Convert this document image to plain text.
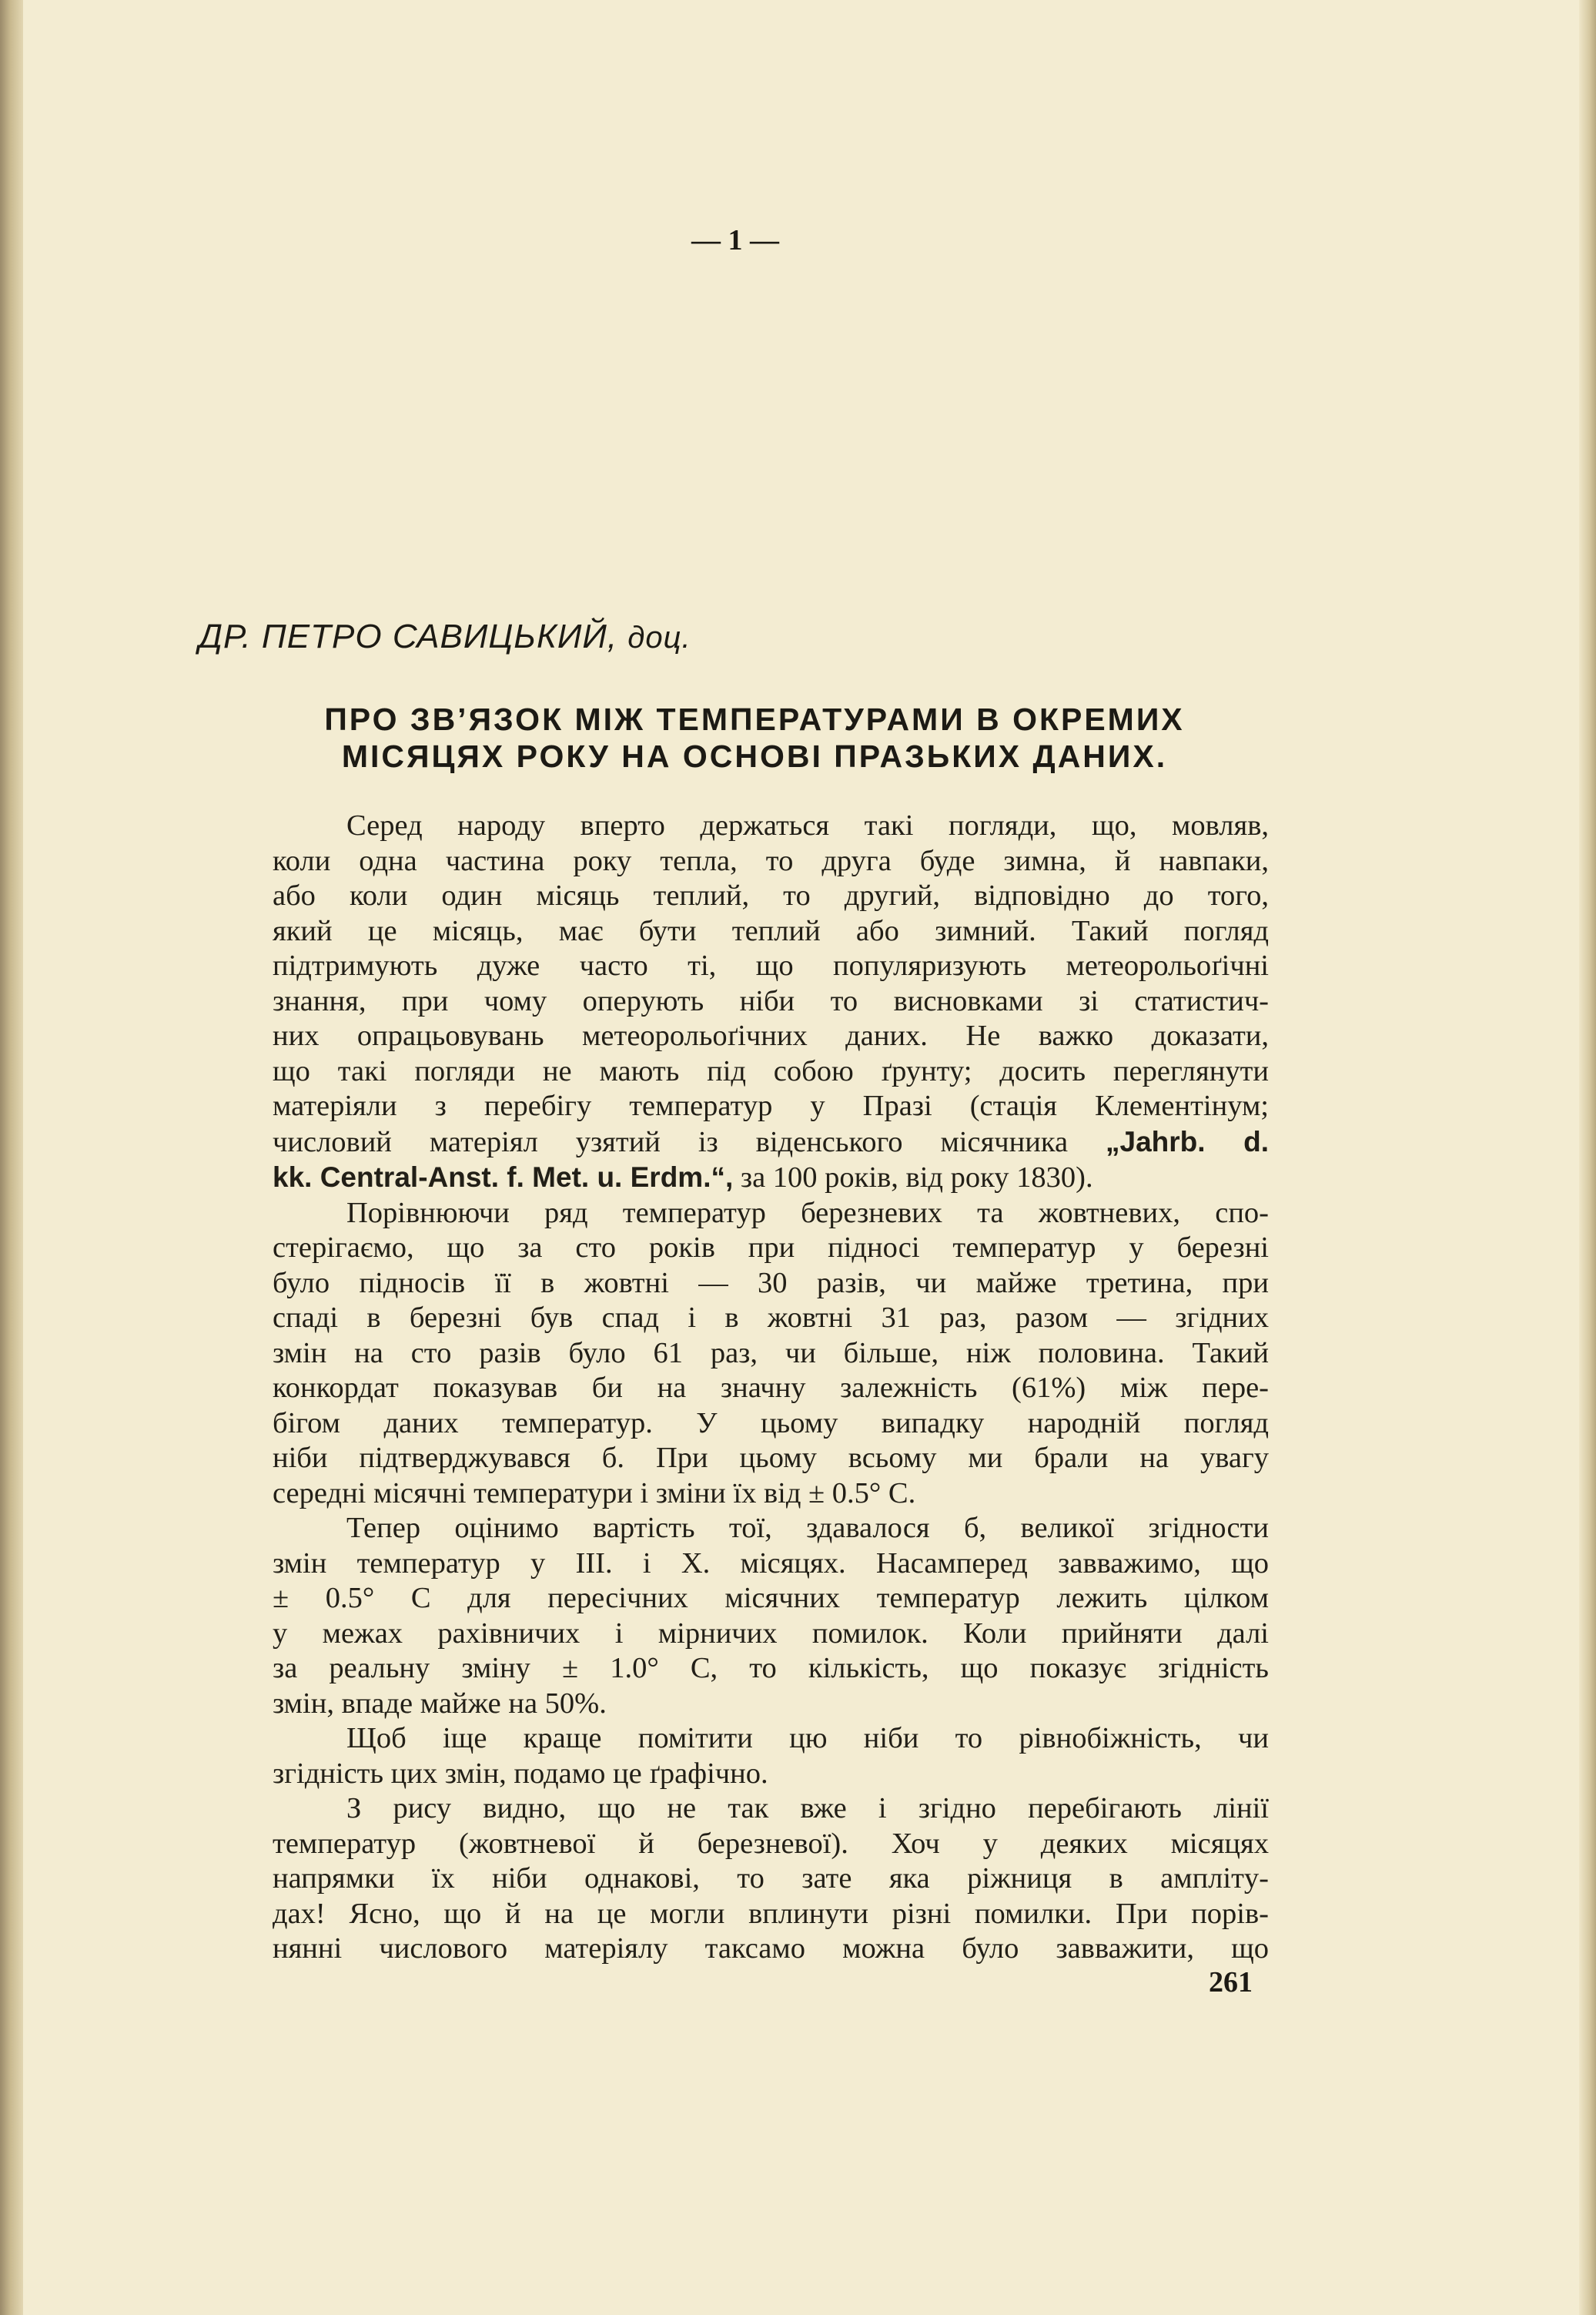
— 1 —
ДР. ПЕТРО САВИЦЬКИЙ, доц.
ПРО ЗВ’ЯЗОК МІЖ ТЕМПЕРАТУРАМИ В ОКРЕМИХ
МІСЯЦЯХ РОКУ НА ОСНОВІ ПРАЗЬКИХ ДАНИХ.

Серед народу вперто держаться такі погляди, що, мовляв,
коли одна частина року тепла, то друга буде зимна, й навпаки,
або коли один місяць теплий, то другий, відповідно до того,
який це місяць, має бути теплий або зимний. Такий погляд
підтримують дуже часто ті, що популяризують метеорольоґічні
знання, при чому оперують ніби то висновками зі статистич-
них опрацьовувань метеорольоґічних даних. Не важко доказати,
що такі погляди не мають під собою ґрунту; досить переглянути
матеріяли з перебігу температур у Празі (стація Клементінум;
числовий матерiял узятий із віденського місячника „Jahrb. d.
kk. Central-Anst. f. Met. u. Erdm.“, за 100 років, від року 1830).

Порівнюючи ряд температур березневих та жовтневих, спо-
стерігаємо, що за сто років при підносі температур у березні
було підносів її в жовтні — 30 разів, чи майже третина, при
спаді в березні був спад і в жовтні 31 раз, разом — згідних
змін на сто разів було 61 раз, чи більше, ніж половина. Такий
конкордат показував би на значну залежність (61%) між пере-
бігом даних температур. У цьому випадку народній погляд
ніби підтверджувався б. При цьому всьому ми брали на увагу
середні місячні температури і зміни їх від ± 0.5° С.

Тепер оцінимо вартість тої, здавалося б, великої згідности
змін температур у ІІІ. і Х. місяцях. Насамперед завважимо, що
± 0.5° С для пересічних місячних температур лежить цілком
у межах рахівничих і мірничих помилок. Коли прийняти далі
за реальну зміну ± 1.0° С, то кількість, що показує згідність
змін, впаде майже на 50%.

Щоб іще краще помітити цю ніби то рівнобіжність, чи
згідність цих змін, подамо це ґрафічно.

З рису видно, що не так вже і згідно перебігають лінії
температур (жовтневої й березневої). Хоч у деяких місяцях
напрямки їх ніби однакові, то зате яка ріжниця в амплітy-
дах! Ясно, що й на це могли вплинути різні помилки. При порів-
нянні числового матеріялу таксамо можна було завважити, що

261
